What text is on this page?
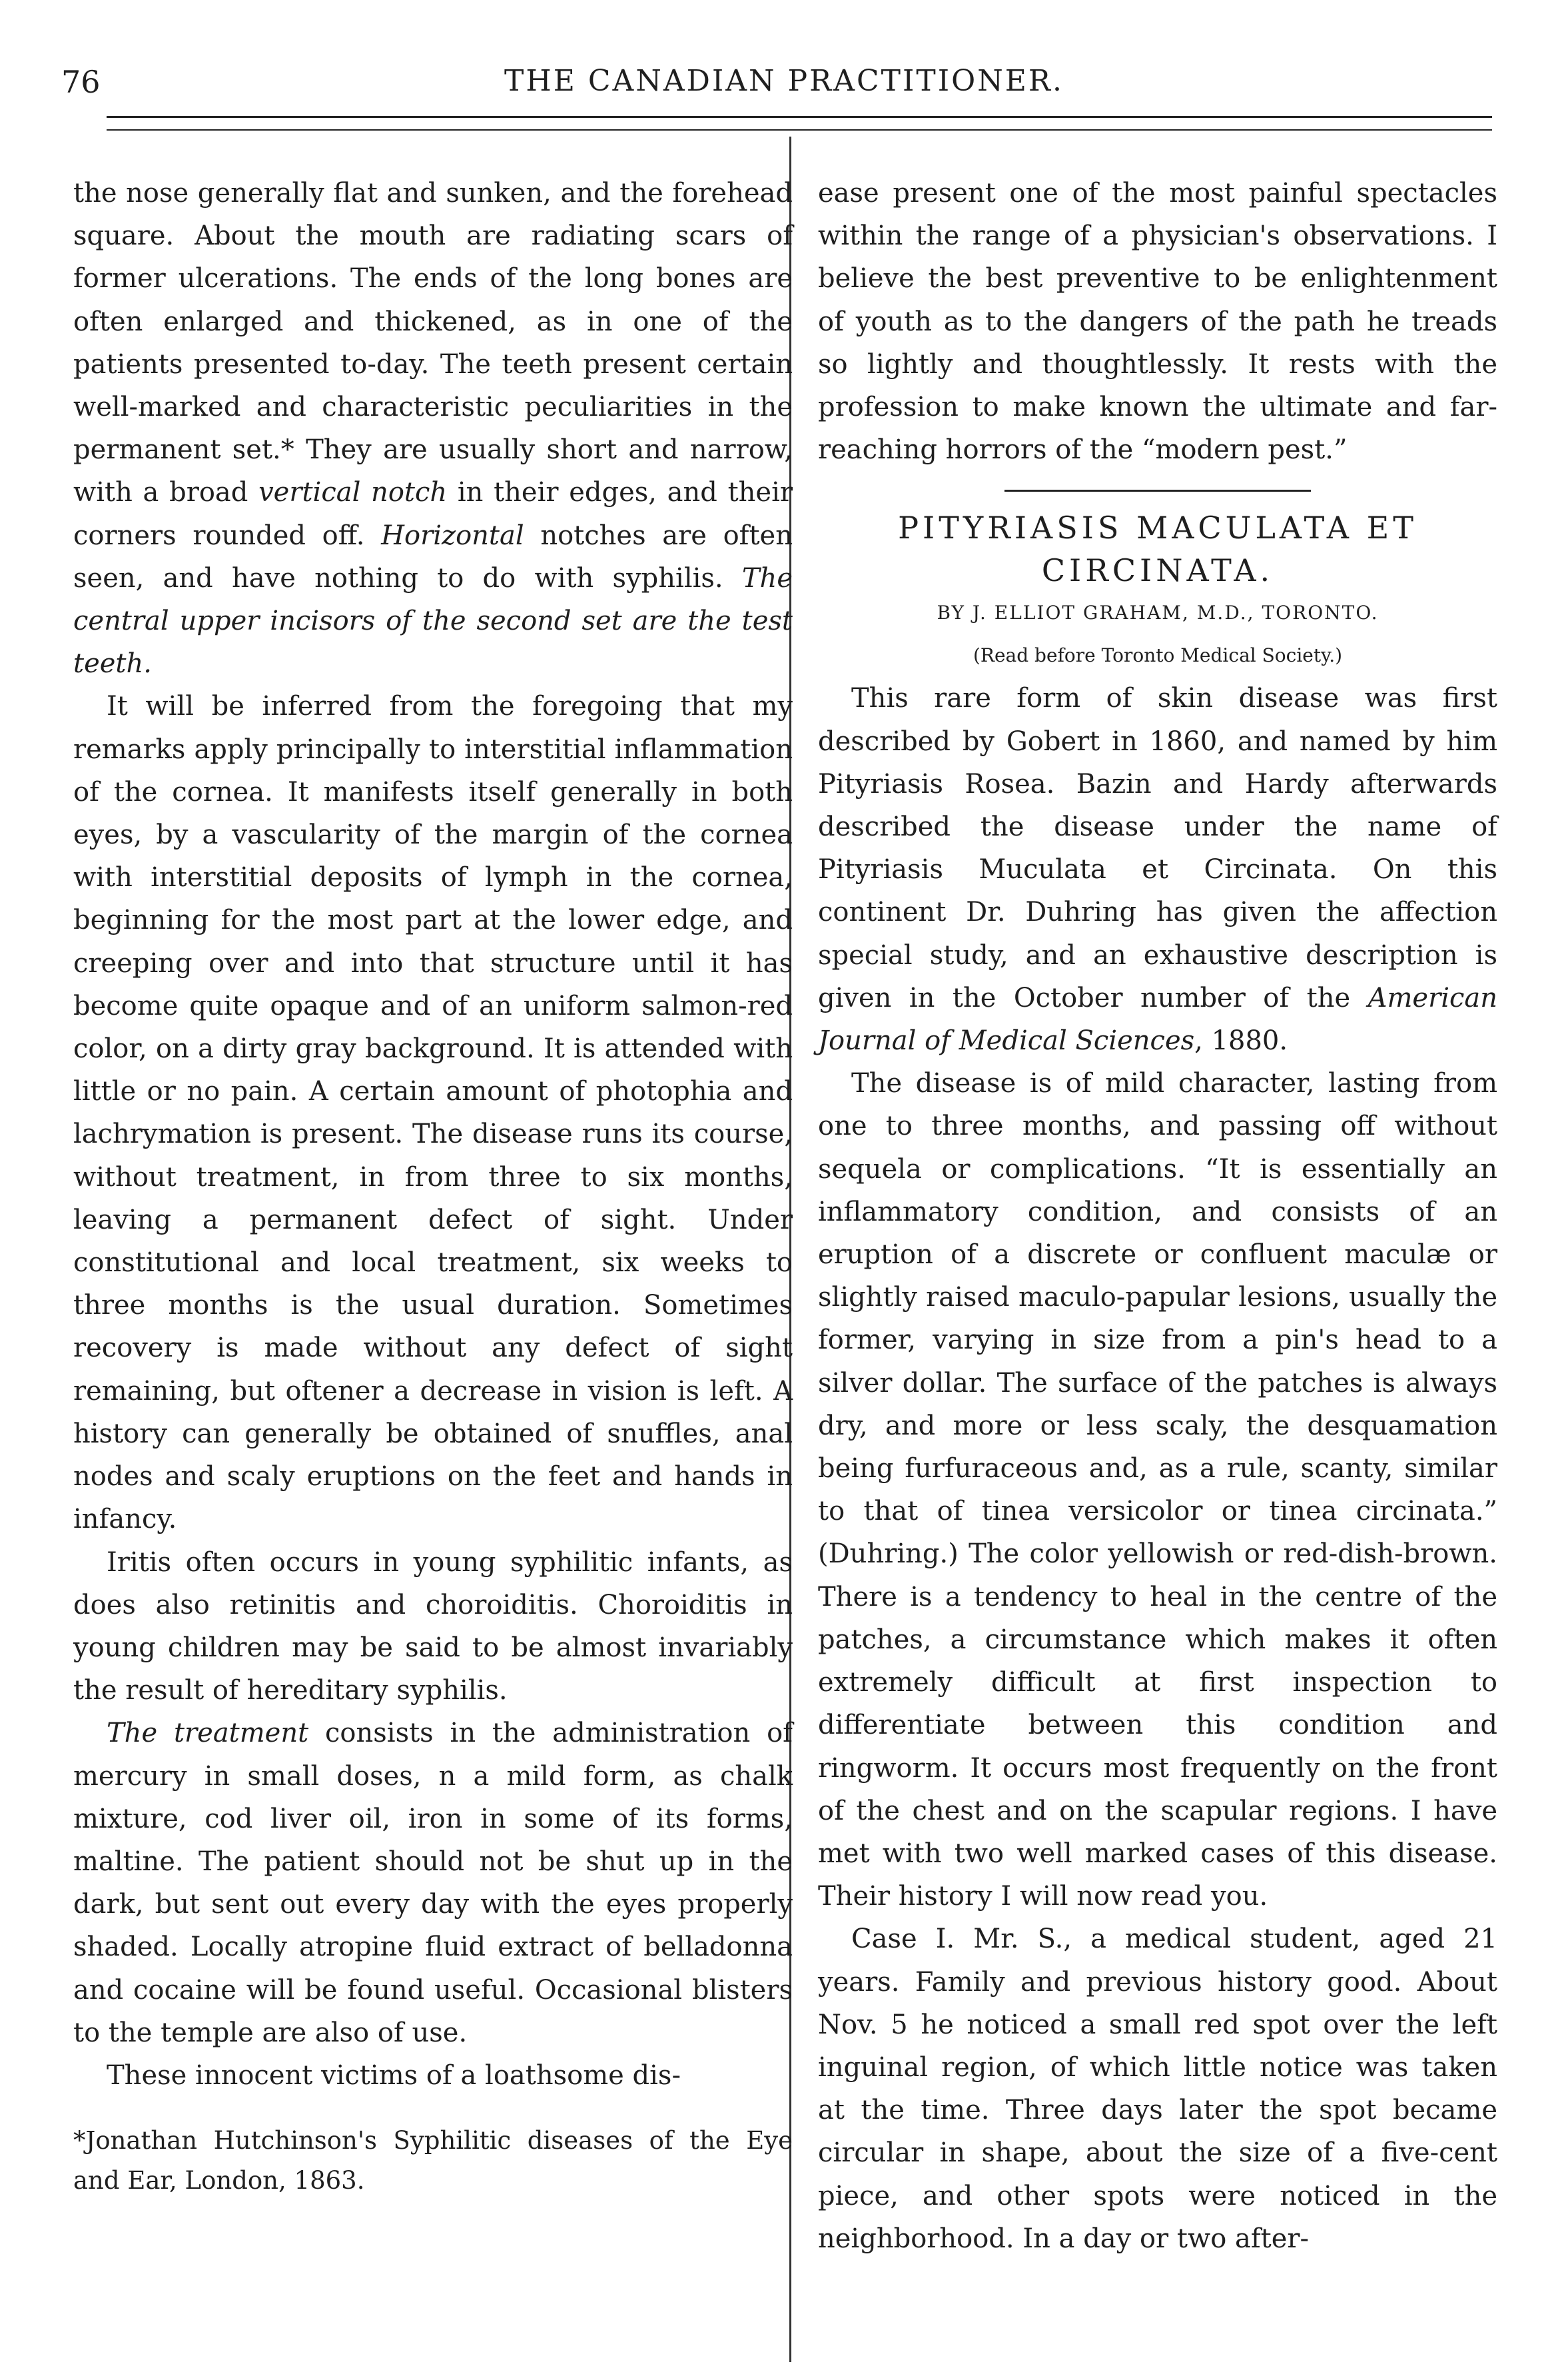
76	THE CANADIAN PRACTITIONER.

the nose generally flat and sunken, and the forehead square. About the mouth are radiating scars of former ulcerations. The ends of the long bones are often enlarged and thickened, as in one of the patients presented to-day. The teeth present certain well-marked and characteristic peculiarities in the permanent set.* They are usually short and narrow, with a broad vertical notch in their edges, and their corners rounded off. Horizontal notches are often seen, and have nothing to do with syphilis. The central upper incisors of the second set are the test teeth.

It will be inferred from the foregoing that my remarks apply principally to interstitial inflammation of the cornea. It manifests itself generally in both eyes, by a vascularity of the margin of the cornea with interstitial deposits of lymph in the cornea, beginning for the most part at the lower edge, and creeping over and into that structure until it has become quite opaque and of an uniform salmon-red color, on a dirty gray background. It is attended with little or no pain. A certain amount of photophia and lachrymation is present. The disease runs its course, without treatment, in from three to six months, leaving a permanent defect of sight. Under constitutional and local treatment, six weeks to three months is the usual duration. Sometimes recovery is made without any defect of sight remaining, but oftener a decrease in vision is left. A history can generally be obtained of snuffles, anal nodes and scaly eruptions on the feet and hands in infancy.

Iritis often occurs in young syphilitic infants, as does also retinitis and choroiditis. Choroiditis in young children may be said to be almost invariably the result of hereditary syphilis.

The treatment consists in the administration of mercury in small doses, n a mild form, as chalk mixture, cod liver oil, iron in some of its forms, maltine. The patient should not be shut up in the dark, but sent out every day with the eyes properly shaded. Locally atropine fluid extract of belladonna and cocaine will be found useful. Occasional blisters to the temple are also of use.

These innocent victims of a loathsome dis-

*Jonathan Hutchinson's Syphilitic diseases of the Eye and Ear, London, 1863.

ease present one of the most painful spectacles within the range of a physician's observations. I believe the best preventive to be enlightenment of youth as to the dangers of the path he treads so lightly and thoughtlessly. It rests with the profession to make known the ultimate and far-reaching horrors of the “modern pest.”

PITYRIASIS MACULATA ET CIRCINATA.

BY J. ELLIOT GRAHAM, M.D., TORONTO.

(Read before Toronto Medical Society.)

This rare form of skin disease was first described by Gobert in 1860, and named by him Pityriasis Rosea. Bazin and Hardy afterwards described the disease under the name of Pityriasis Muculata et Circinata. On this continent Dr. Duhring has given the affection special study, and an exhaustive description is given in the October number of the American Journal of Medical Sciences, 1880.

The disease is of mild character, lasting from one to three months, and passing off without sequela or complications. “It is essentially an inflammatory condition, and consists of an eruption of a discrete or confluent maculæ or slightly raised maculo-papular lesions, usually the former, varying in size from a pin's head to a silver dollar. The surface of the patches is always dry, and more or less scaly, the desquamation being furfuraceous and, as a rule, scanty, similar to that of tinea versicolor or tinea circinata.” (Duhring.) The color yellowish or red-dish-brown. There is a tendency to heal in the centre of the patches, a circumstance which makes it often extremely difficult at first inspection to differentiate between this condition and ringworm. It occurs most frequently on the front of the chest and on the scapular regions. I have met with two well marked cases of this disease. Their history I will now read you.

Case I. Mr. S., a medical student, aged 21 years. Family and previous history good. About Nov. 5 he noticed a small red spot over the left inguinal region, of which little notice was taken at the time. Three days later the spot became circular in shape, about the size of a five-cent piece, and other spots were noticed in the neighborhood. In a day or two after-
